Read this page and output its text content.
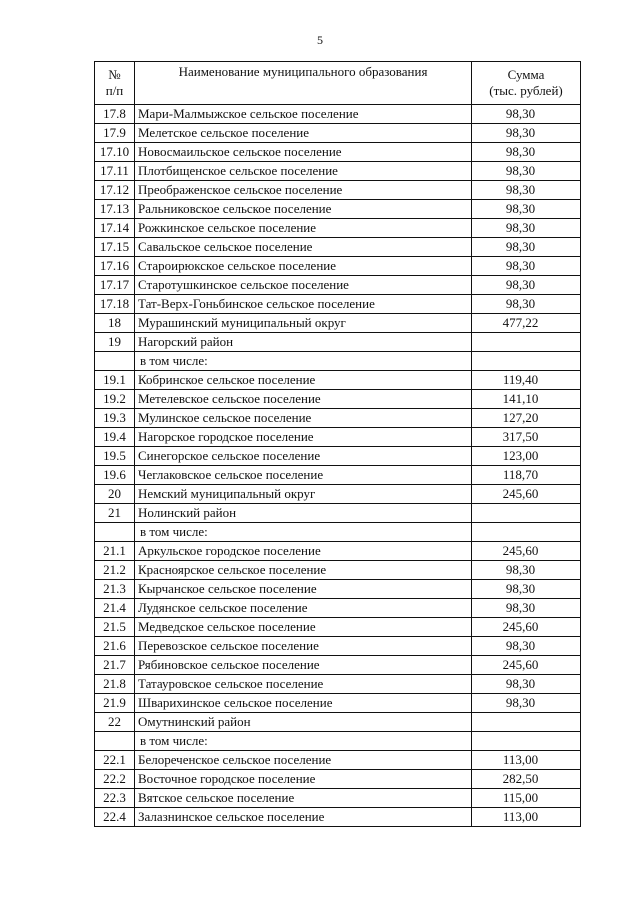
5
№
п/п	Наименование муниципального образования	Сумма
(тыс. рублей)
17.8	Мари-Малмыжское сельское поселение	98,30
17.9	Мелетское сельское поселение	98,30
17.10	Новосмаильское сельское поселение	98,30
17.11	Плотбищенское сельское поселение	98,30
17.12	Преображенское сельское поселение	98,30
17.13	Ральниковское сельское поселение	98,30
17.14	Рожкинское сельское поселение	98,30
17.15	Савальское сельское поселение	98,30
17.16	Староирюкское сельское поселение	98,30
17.17	Старотушкинское сельское поселение	98,30
17.18	Тат-Верх-Гоньбинское сельское поселение	98,30
18	Мурашинский муниципальный округ	477,22
19	Нагорский район	
	в том числе:	
19.1	Кобринское сельское поселение	119,40
19.2	Метелевское сельское поселение	141,10
19.3	Мулинское сельское поселение	127,20
19.4	Нагорское городское поселение	317,50
19.5	Синегорское сельское поселение	123,00
19.6	Чеглаковское сельское поселение	118,70
20	Немский муниципальный округ	245,60
21	Нолинский район	
	в том числе:	
21.1	Аркульское городское поселение	245,60
21.2	Красноярское сельское поселение	98,30
21.3	Кырчанское сельское поселение	98,30
21.4	Лудянское сельское поселение	98,30
21.5	Медведское сельское поселение	245,60
21.6	Перевозское сельское поселение	98,30
21.7	Рябиновское сельское поселение	245,60
21.8	Татауровское сельское поселение	98,30
21.9	Шварихинское сельское поселение	98,30
22	Омутнинский район	
	в том числе:	
22.1	Белореченское сельское поселение	113,00
22.2	Восточное городское поселение	282,50
22.3	Вятское сельское поселение	115,00
22.4	Залазнинское сельское поселение	113,00
